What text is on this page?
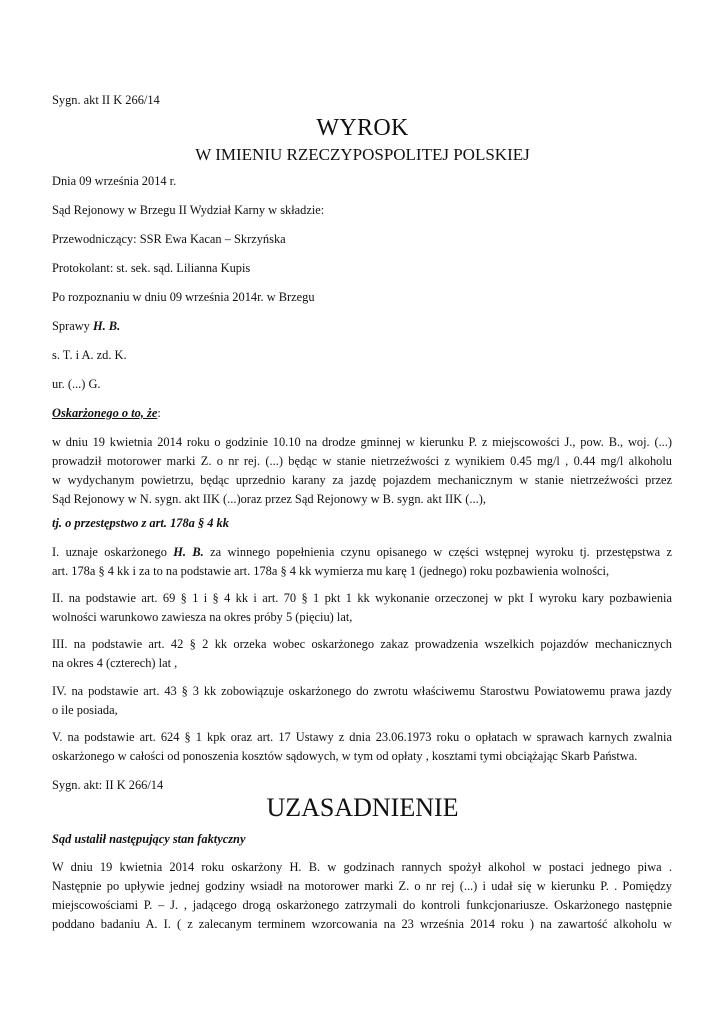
Sygn. akt II K 266/14
WYROK
W IMIENIU RZECZYPOSPOLITEJ POLSKIEJ
Dnia 09 września 2014 r.
Sąd Rejonowy w Brzegu II Wydział Karny w składzie:
Przewodniczący: SSR Ewa Kacan – Skrzyńska
Protokolant: st. sek. sąd. Lilianna Kupis
Po rozpoznaniu w dniu 09 września 2014r. w Brzegu
Sprawy H. B.
s. T. i A. zd. K.
ur. (...) G.
Oskarżonego o to, że:
w dniu 19 kwietnia 2014 roku o godzinie 10.10 na drodze gminnej w kierunku P. z miejscowości J., pow. B., woj. (...)
prowadził motorower marki Z. o nr rej. (...) będąc w stanie nietrzeźwości z wynikiem 0.45 mg/l , 0.44 mg/l alkoholu
w wydychanym powietrzu, będąc uprzednio karany za jazdę pojazdem mechanicznym w stanie nietrzeźwości przez
Sąd Rejonowy w N. sygn. akt IIK (...)oraz przez Sąd Rejonowy w B. sygn. akt IIK (...),
tj. o przestępstwo z art. 178a § 4 kk
I. uznaje oskarżonego H. B. za winnego popełnienia czynu opisanego w części wstępnej wyroku tj. przestępstwa z
art. 178a § 4 kk i za to na podstawie art. 178a § 4 kk wymierza mu karę 1 (jednego) roku pozbawienia wolności,
II. na podstawie art. 69 § 1 i § 4 kk i art. 70 § 1 pkt 1 kk wykonanie orzeczonej w pkt I wyroku kary pozbawienia
wolności warunkowo zawiesza na okres próby 5 (pięciu) lat,
III. na podstawie art. 42 § 2 kk orzeka wobec oskarżonego zakaz prowadzenia wszelkich pojazdów mechanicznych
na okres 4 (czterech) lat ,
IV. na podstawie art. 43 § 3 kk zobowiązuje oskarżonego do zwrotu właściwemu Starostwu Powiatowemu prawa jazdy
o ile posiada,
V. na podstawie art. 624 § 1 kpk oraz art. 17 Ustawy z dnia 23.06.1973 roku o opłatach w sprawach karnych zwalnia
oskarżonego w całości od ponoszenia kosztów sądowych, w tym od opłaty , kosztami tymi obciążając Skarb Państwa.
Sygn. akt: II K 266/14
UZASADNIENIE
Sąd ustalił następujący stan faktyczny
W dniu 19 kwietnia 2014 roku oskarżony H. B. w godzinach rannych spożył alkohol w postaci jednego piwa .
Następnie po upływie jednej godziny wsiadł na motorower marki Z. o nr rej (...) i udał się w kierunku P. . Pomiędzy
miejscowościami P. – J. , jadącego drogą oskarżonego zatrzymali do kontroli funkcjonariusze. Oskarżonego następnie
poddano badaniu A. I. ( z zalecanym terminem wzorcowania na 23 września 2014 roku ) na zawartość alkoholu w
